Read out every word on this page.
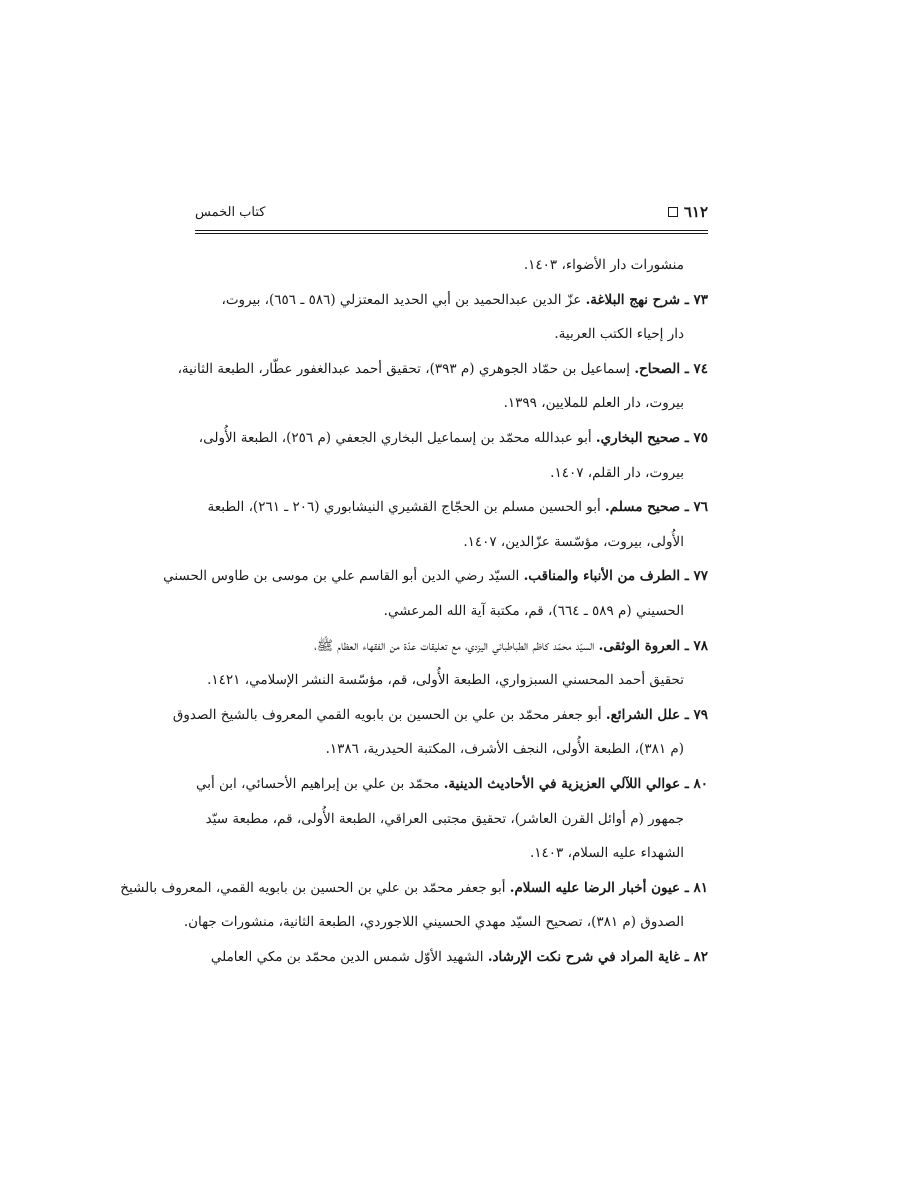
٦١٢
كتاب الخمس
منشورات دار الأضواء، ١٤٠٣.
٧٣ ـ شرح نهج البلاغة. عزّ الدين عبدالحميد بن أبي الحديد المعتزلي (٥٨٦ ـ ٦٥٦)، بيروت،
دار إحياء الكتب العربية.
٧٤ ـ الصحاح. إسماعيل بن حمّاد الجوهري (م ٣٩٣)، تحقيق أحمد عبدالغفور عطّار، الطبعة الثانية،
بيروت، دار العلم للملايين، ١٣٩٩.
٧٥ ـ صحيح البخاري. أبو عبدالله محمّد بن إسماعيل البخاري الجعفي (م ٢٥٦)، الطبعة الأُولى،
بيروت، دار القلم، ١٤٠٧.
٧٦ ـ صحيح مسلم. أبو الحسين مسلم بن الحجّاج القشيري النيشابوري (٢٠٦ ـ ٢٦١)، الطبعة
الأُولى، بيروت، مؤسّسة عزّالدين، ١٤٠٧.
٧٧ ـ الطرف من الأنباء والمناقب. السيّد رضي الدين أبو القاسم علي بن موسى بن طاوس الحسني
الحسيني (م ٥٨٩ ـ ٦٦٤)، قم، مكتبة آية الله المرعشي.
٧٨ ـ العروة الوثقى. السيّد محمّد كاظم الطباطبائي اليزدي، مع تعليقات عدّة من الفقهاء العظام ﷺ،
تحقيق أحمد المحسني السبزواري، الطبعة الأُولى، قم، مؤسّسة النشر الإسلامي، ١٤٢١.
٧٩ ـ علل الشرائع. أبو جعفر محمّد بن علي بن الحسين بن بابويه القمي المعروف بالشيخ الصدوق
(م ٣٨١)، الطبعة الأُولى، النجف الأشرف، المكتبة الحيدرية، ١٣٨٦.
٨٠ ـ عوالي اللآلي العزيزية في الأحاديث الدينية. محمّد بن علي بن إبراهيم الأحسائي، ابن أبي
جمهور (م أوائل القرن العاشر)، تحقيق مجتبى العراقي، الطبعة الأُولى، قم، مطبعة سيّد
الشهداء عليه السلام، ١٤٠٣.
٨١ ـ عيون أخبار الرضا عليه السلام. أبو جعفر محمّد بن علي بن الحسين بن بابويه القمي، المعروف بالشيخ
الصدوق (م ٣٨١)، تصحيح السيّد مهدي الحسيني اللاجوردي، الطبعة الثانية، منشورات جهان.
٨٢ ـ غاية المراد في شرح نكت الإرشاد. الشهيد الأوّل شمس الدين محمّد بن مكي العاملي
